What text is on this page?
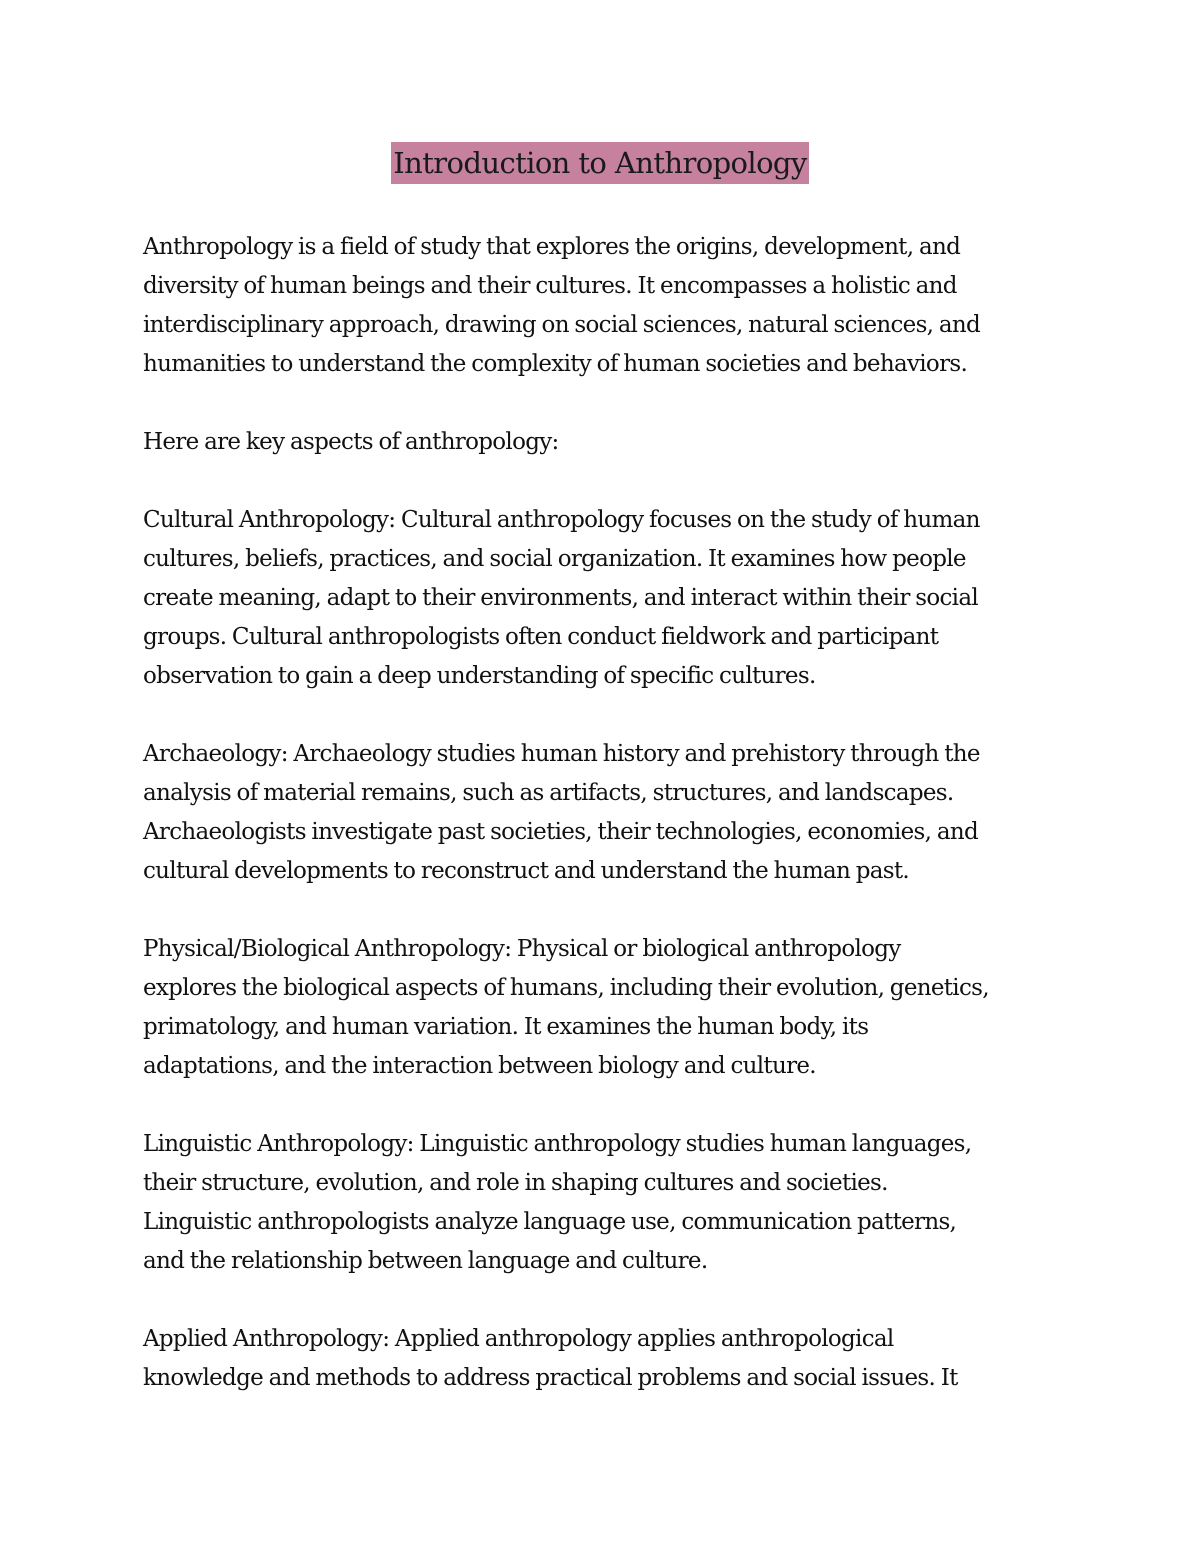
Introduction to Anthropology

Anthropology is a field of study that explores the origins, development, and
diversity of human beings and their cultures. It encompasses a holistic and
interdisciplinary approach, drawing on social sciences, natural sciences, and
humanities to understand the complexity of human societies and behaviors.

Here are key aspects of anthropology:

Cultural Anthropology: Cultural anthropology focuses on the study of human
cultures, beliefs, practices, and social organization. It examines how people
create meaning, adapt to their environments, and interact within their social
groups. Cultural anthropologists often conduct fieldwork and participant
observation to gain a deep understanding of specific cultures.

Archaeology: Archaeology studies human history and prehistory through the
analysis of material remains, such as artifacts, structures, and landscapes.
Archaeologists investigate past societies, their technologies, economies, and
cultural developments to reconstruct and understand the human past.

Physical/Biological Anthropology: Physical or biological anthropology
explores the biological aspects of humans, including their evolution, genetics,
primatology, and human variation. It examines the human body, its
adaptations, and the interaction between biology and culture.

Linguistic Anthropology: Linguistic anthropology studies human languages,
their structure, evolution, and role in shaping cultures and societies.
Linguistic anthropologists analyze language use, communication patterns,
and the relationship between language and culture.

Applied Anthropology: Applied anthropology applies anthropological
knowledge and methods to address practical problems and social issues. It
